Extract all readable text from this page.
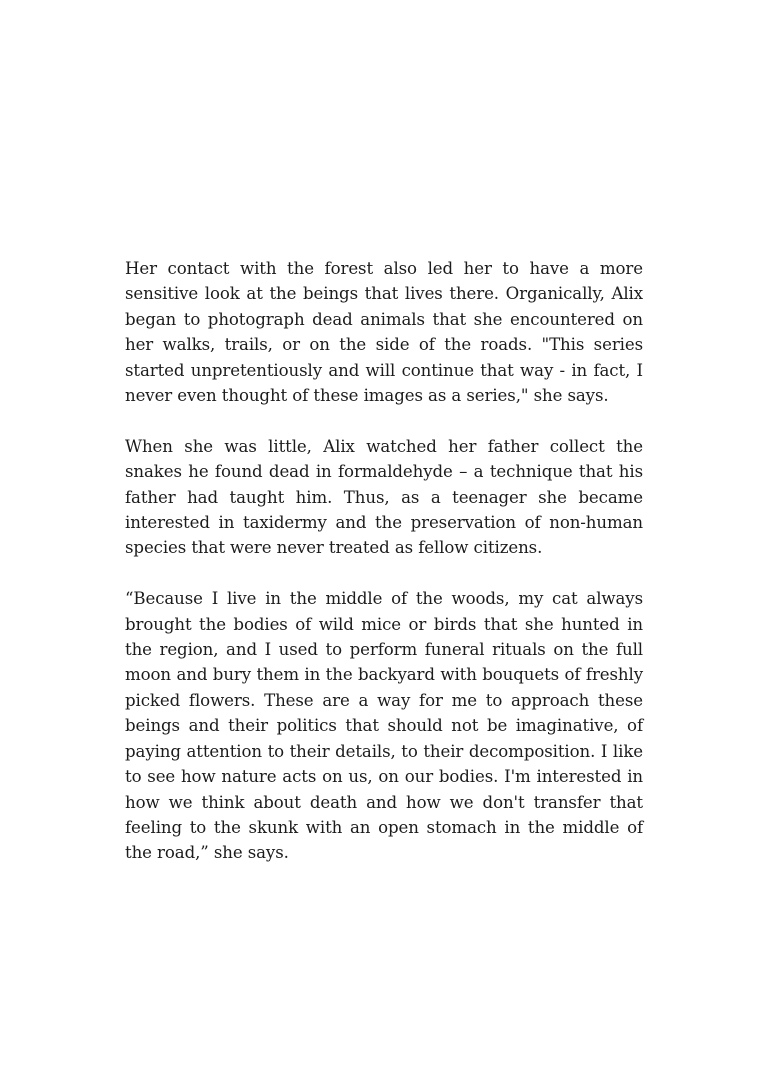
Her contact with the forest also led her to have a more sensitive look at the beings that lives there. Organically, Alix began to photograph dead animals that she encountered on her walks, trails, or on the side of the roads. "This series started unpretentiously and will continue that way - in fact, I never even thought of these images as a series," she says.

When she was little, Alix watched her father collect the snakes he found dead in formaldehyde – a technique that his father had taught him. Thus, as a teenager she became interested in taxidermy and the preservation of non-human species that were never treated as fellow citizens.

“Because I live in the middle of the woods, my cat always brought the bodies of wild mice or birds that she hunted in the region, and I used to perform funeral rituals on the full moon and bury them in the backyard with bouquets of freshly picked flowers. These are a way for me to approach these beings and their politics that should not be imaginative, of paying attention to their details, to their decomposition. I like to see how nature acts on us, on our bodies. I'm interested in how we think about death and how we don't transfer that feeling to the skunk with an open stomach in the middle of the road,” she says.
